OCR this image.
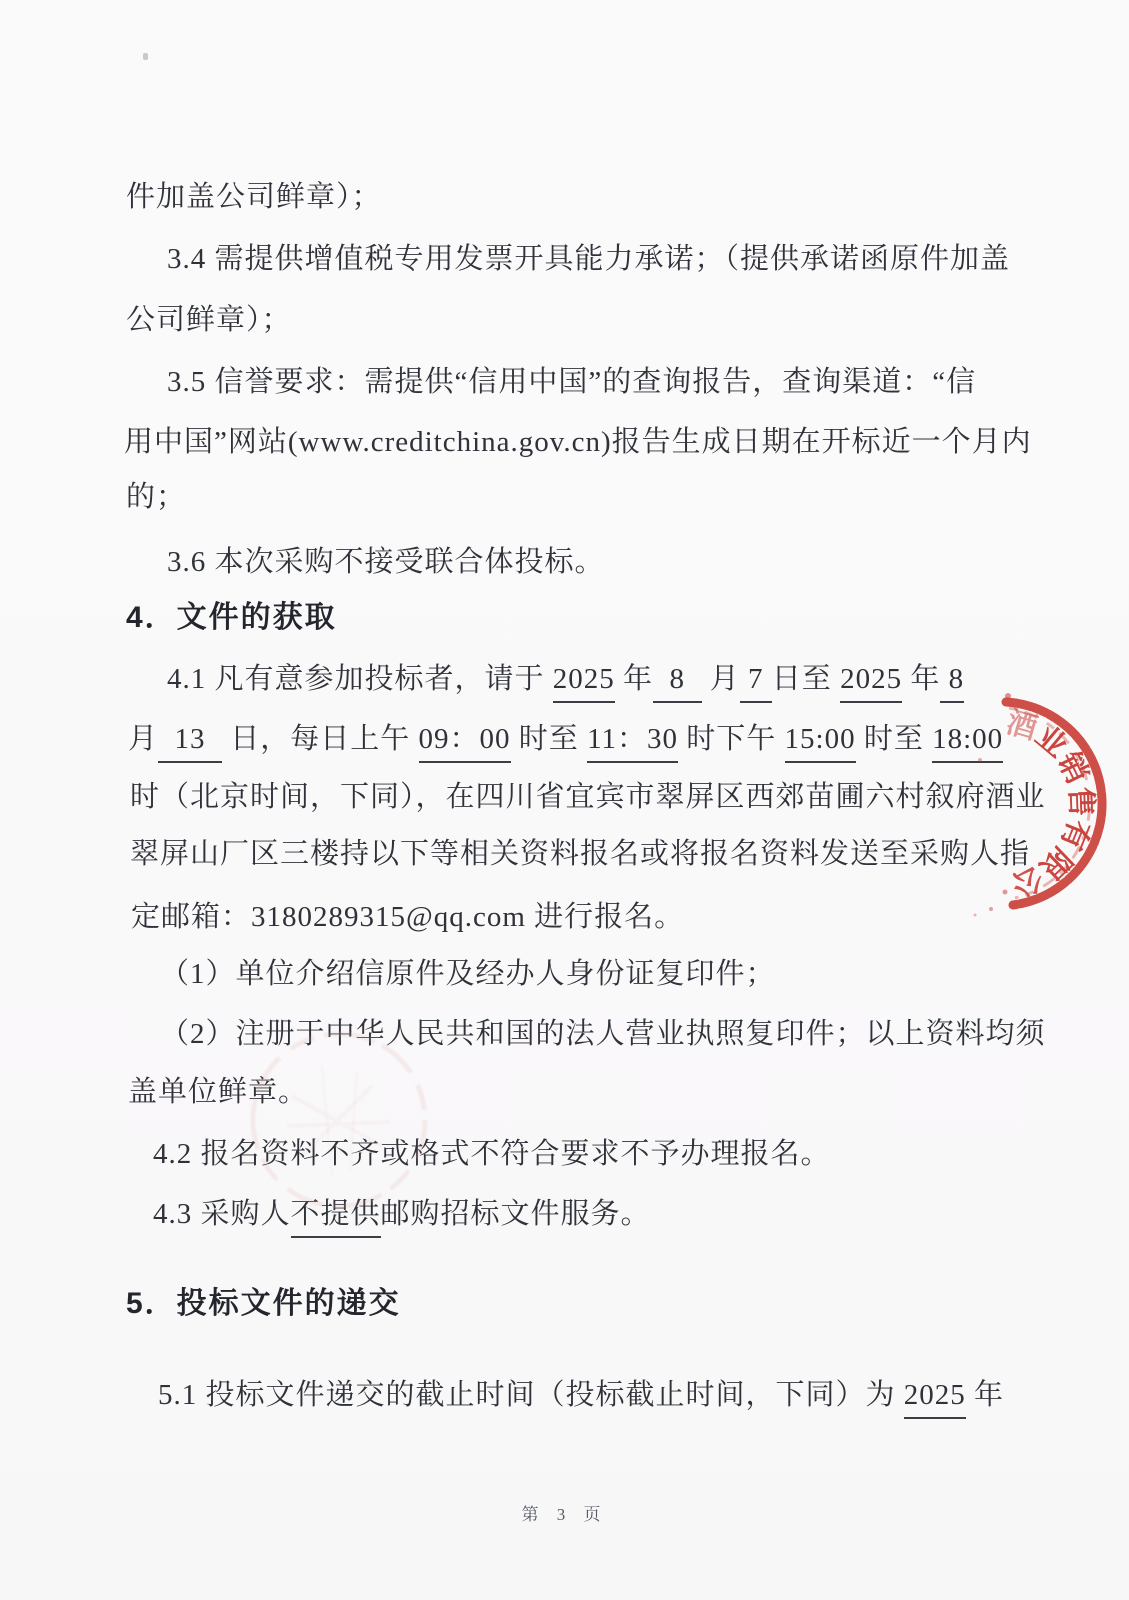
件加盖公司鲜章）；
3.4 需提供增值税专用发票开具能力承诺；（提供承诺函原件加盖
公司鲜章）；
3.5 信誉要求：需提供“信用中国”的查询报告，查询渠道：“信
用中国”网站(www.creditchina.gov.cn)报告生成日期在开标近一个月内
的；
3.6 本次采购不接受联合体投标。
4．文件的获取
4.1 凡有意参加投标者，请于 2025 年  8   月 7 日至 2025 年 8
月  13   日，每日上午 09：00 时至 11：30 时下午 15:00 时至 18:00
时（北京时间，下同），在四川省宜宾市翠屏区西郊苗圃六村叙府酒业
翠屏山厂区三楼持以下等相关资料报名或将报名资料发送至采购人指
定邮箱：3180289315@qq.com 进行报名。
（1）单位介绍信原件及经办人身份证复印件；
（2）注册于中华人民共和国的法人营业执照复印件；以上资料均须
盖单位鲜章。
4.2 报名资料不齐或格式不符合要求不予办理报名。
4.3 采购人不提供邮购招标文件服务。
5．投标文件的递交
5.1 投标文件递交的截止时间（投标截止时间，下同）为 2025 年
第 3 页
酒
业
销
售
有
限
公
